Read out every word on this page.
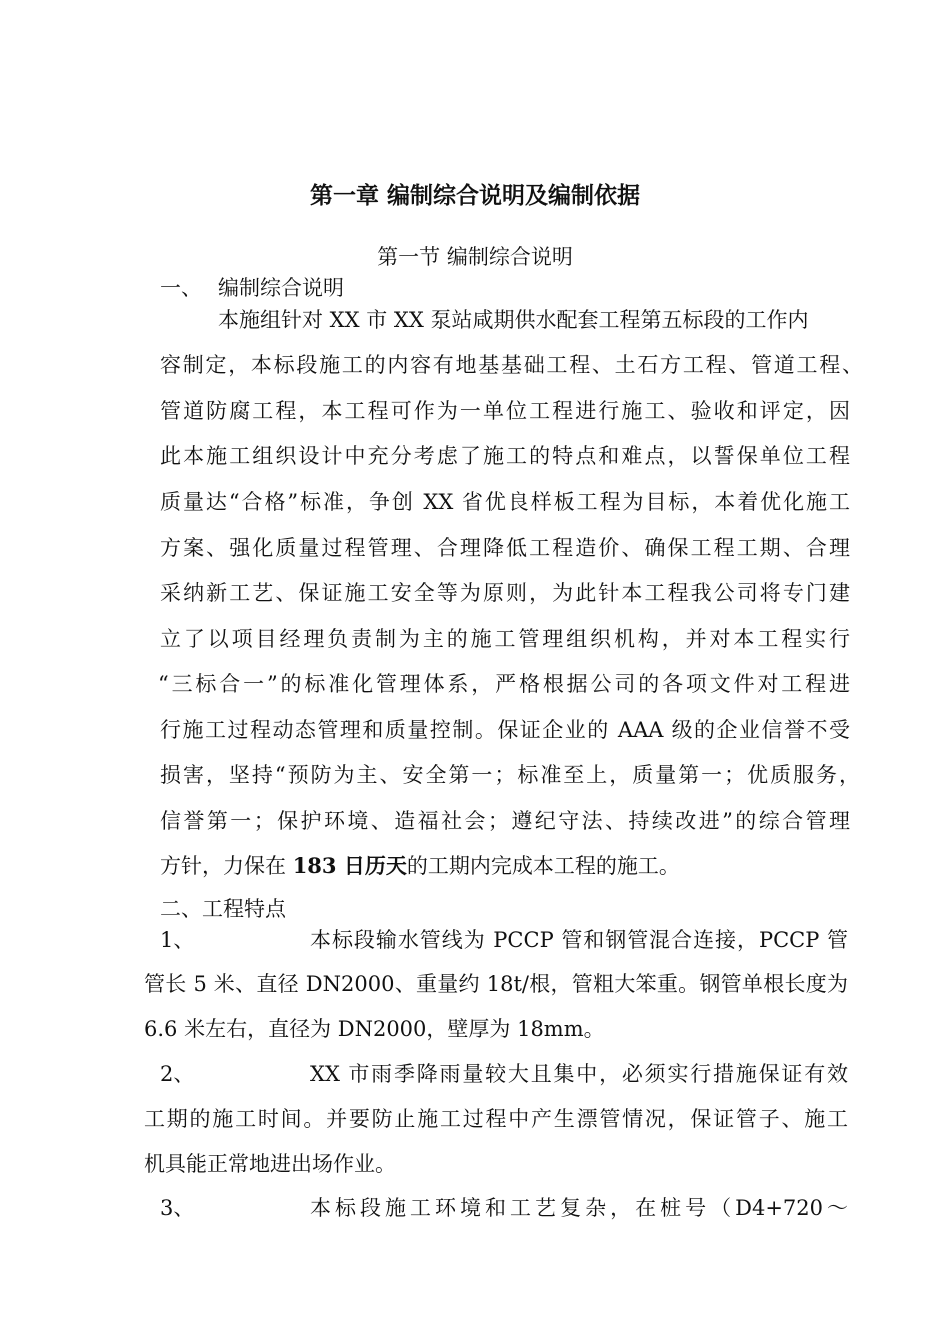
第一章 编制综合说明及编制依据
第一节 编制综合说明
一、 编制综合说明
本施组针对 XX 市 XX 泵站咸期供水配套工程第五标段的工作内
容制定，本标段施工的内容有地基基础工程、土石方工程、管道工程、
管道防腐工程，本工程可作为一单位工程进行施工、验收和评定，因
此本施工组织设计中充分考虑了施工的特点和难点，以誓保单位工程
质量达“合格”标准，争创 XX 省优良样板工程为目标，本着优化施工
方案、强化质量过程管理、合理降低工程造价、确保工程工期、合理
采纳新工艺、保证施工安全等为原则，为此针本工程我公司将专门建
立了以项目经理负责制为主的施工管理组织机构，并对本工程实行
“三标合一”的标准化管理体系，严格根据公司的各项文件对工程进
行施工过程动态管理和质量控制。保证企业的 AAA 级的企业信誉不受
损害，坚持“预防为主、安全第一；标准至上，质量第一；优质服务，
信誉第一；保护环境、造福社会；遵纪守法、持续改进”的综合管理
方针，力保在 183 日历天的工期内完成本工程的施工。
二、工程特点
1、	本标段输水管线为 PCCP 管和钢管混合连接，PCCP 管
管长 5 米、直径 DN2000、重量约 18t/根，管粗大笨重。钢管单根长度为
6.6 米左右，直径为 DN2000，壁厚为 18mm。
2、	XX 市雨季降雨量较大且集中，必须实行措施保证有效
工期的施工时间。并要防止施工过程中产生漂管情况，保证管子、施工
机具能正常地进出场作业。
3、	本标段施工环境和工艺复杂，在桩号（D4+720～
